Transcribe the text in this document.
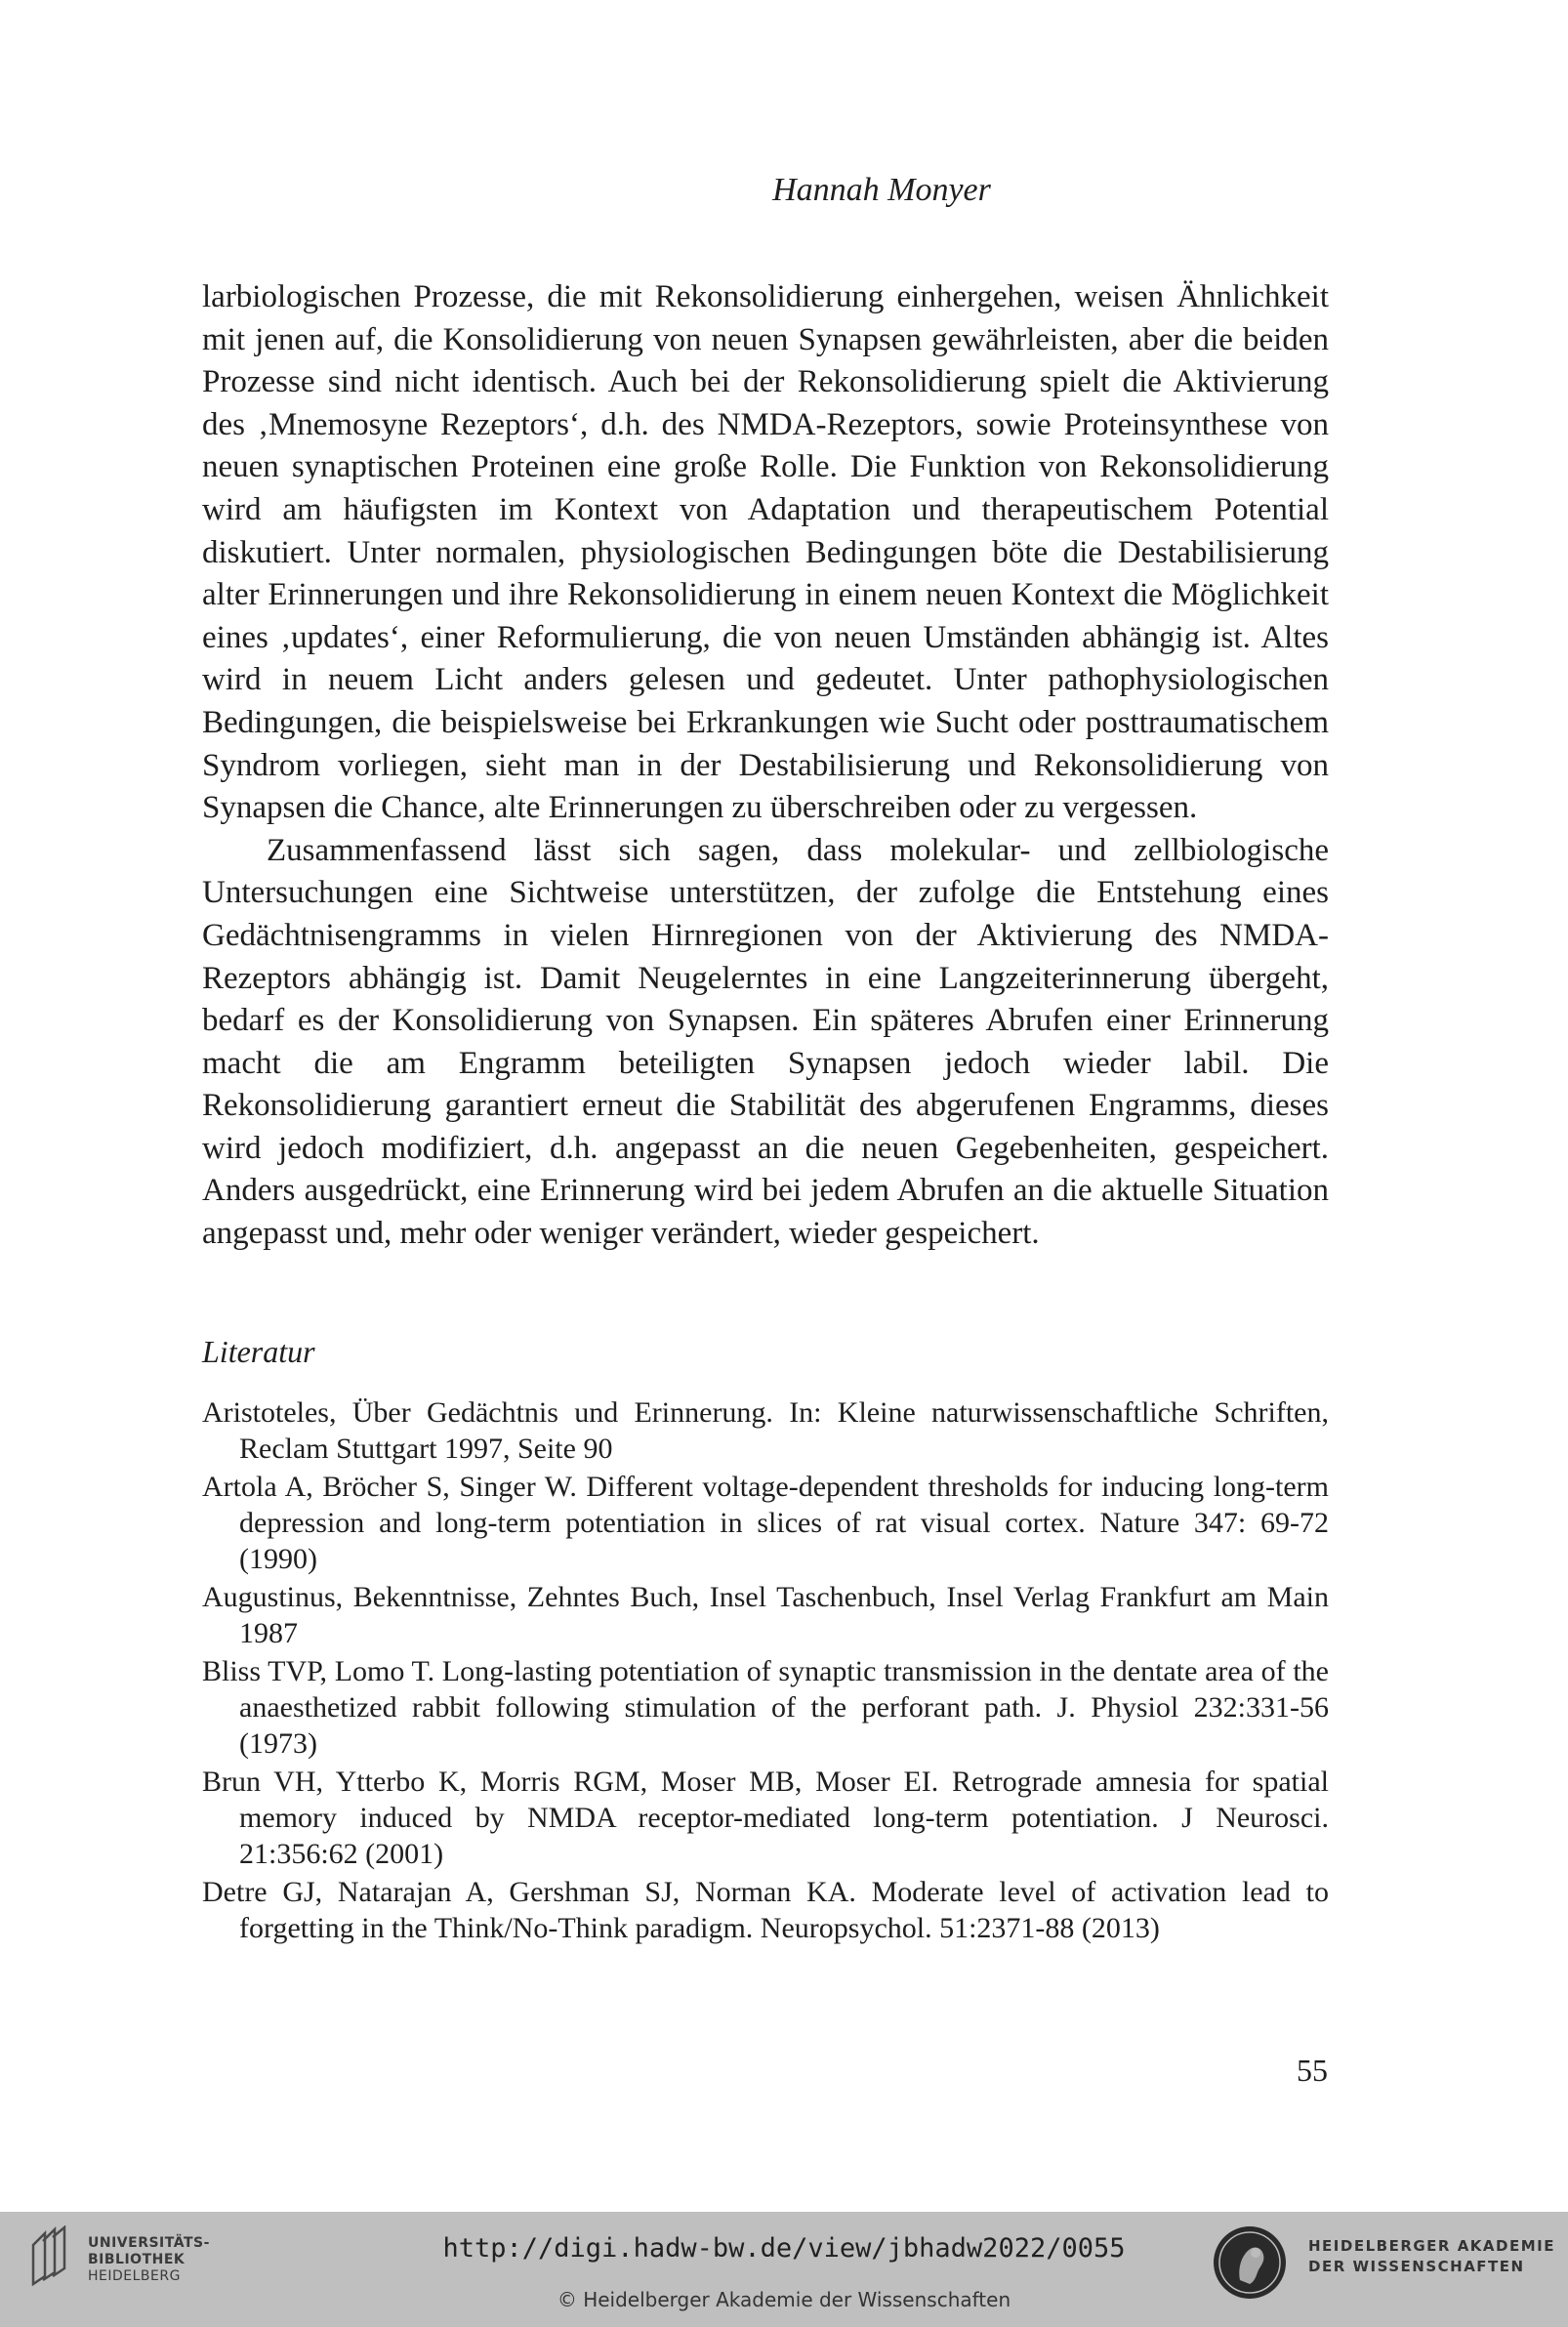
Hannah Monyer

larbiologischen Prozesse, die mit Rekonsolidierung einhergehen, weisen Ähnlichkeit mit jenen auf, die Konsolidierung von neuen Synapsen gewährleisten, aber die beiden Prozesse sind nicht identisch. Auch bei der Rekonsolidierung spielt die Aktivierung des ‚Mnemosyne Rezeptors‘, d.h. des NMDA-Rezeptors, sowie Proteinsynthese von neuen synaptischen Proteinen eine große Rolle. Die Funktion von Rekonsolidierung wird am häufigsten im Kontext von Adaptation und therapeutischem Potential diskutiert. Unter normalen, physiologischen Bedingungen böte die Destabilisierung alter Erinnerungen und ihre Rekonsolidierung in einem neuen Kontext die Möglichkeit eines ‚updates‘, einer Reformulierung, die von neuen Umständen abhängig ist. Altes wird in neuem Licht anders gelesen und gedeutet. Unter pathophysiologischen Bedingungen, die beispielsweise bei Erkrankungen wie Sucht oder posttraumatischem Syndrom vorliegen, sieht man in der Destabilisierung und Rekonsolidierung von Synapsen die Chance, alte Erinnerungen zu überschreiben oder zu vergessen.

Zusammenfassend lässt sich sagen, dass molekular- und zellbiologische Untersuchungen eine Sichtweise unterstützen, der zufolge die Entstehung eines Gedächtnisengramms in vielen Hirnregionen von der Aktivierung des NMDA-Rezeptors abhängig ist. Damit Neugelerntes in eine Langzeiterinnerung übergeht, bedarf es der Konsolidierung von Synapsen. Ein späteres Abrufen einer Erinnerung macht die am Engramm beteiligten Synapsen jedoch wieder labil. Die Rekonsolidierung garantiert erneut die Stabilität des abgerufenen Engramms, dieses wird jedoch modifiziert, d.h. angepasst an die neuen Gegebenheiten, gespeichert. Anders ausgedrückt, eine Erinnerung wird bei jedem Abrufen an die aktuelle Situation angepasst und, mehr oder weniger verändert, wieder gespeichert.

Literatur

Aristoteles, Über Gedächtnis und Erinnerung. In: Kleine naturwissenschaftliche Schriften, Reclam Stuttgart 1997, Seite 90

Artola A, Bröcher S, Singer W. Different voltage-dependent thresholds for inducing long-term depression and long-term potentiation in slices of rat visual cortex. Nature 347: 69-72 (1990)

Augustinus, Bekenntnisse, Zehntes Buch, Insel Taschenbuch, Insel Verlag Frankfurt am Main 1987

Bliss TVP, Lomo T. Long-lasting potentiation of synaptic transmission in the dentate area of the anaesthetized rabbit following stimulation of the perforant path. J. Physiol 232:331-56 (1973)

Brun VH, Ytterbo K, Morris RGM, Moser MB, Moser EI. Retrograde amnesia for spatial memory induced by NMDA receptor-mediated long-term potentiation. J Neurosci. 21:356:62 (2001)

Detre GJ, Natarajan A, Gershman SJ, Norman KA. Moderate level of activation lead to forgetting in the Think/No-Think paradigm. Neuropsychol. 51:2371-88 (2013)

55
UNIVERSITÄTS-
BIBLIOTHEK
HEIDELBERG
http://digi.hadw-bw.de/view/jbhadw2022/0055
© Heidelberger Akademie der Wissenschaften
HEIDELBERGER AKADEMIE
DER WISSENSCHAFTEN
